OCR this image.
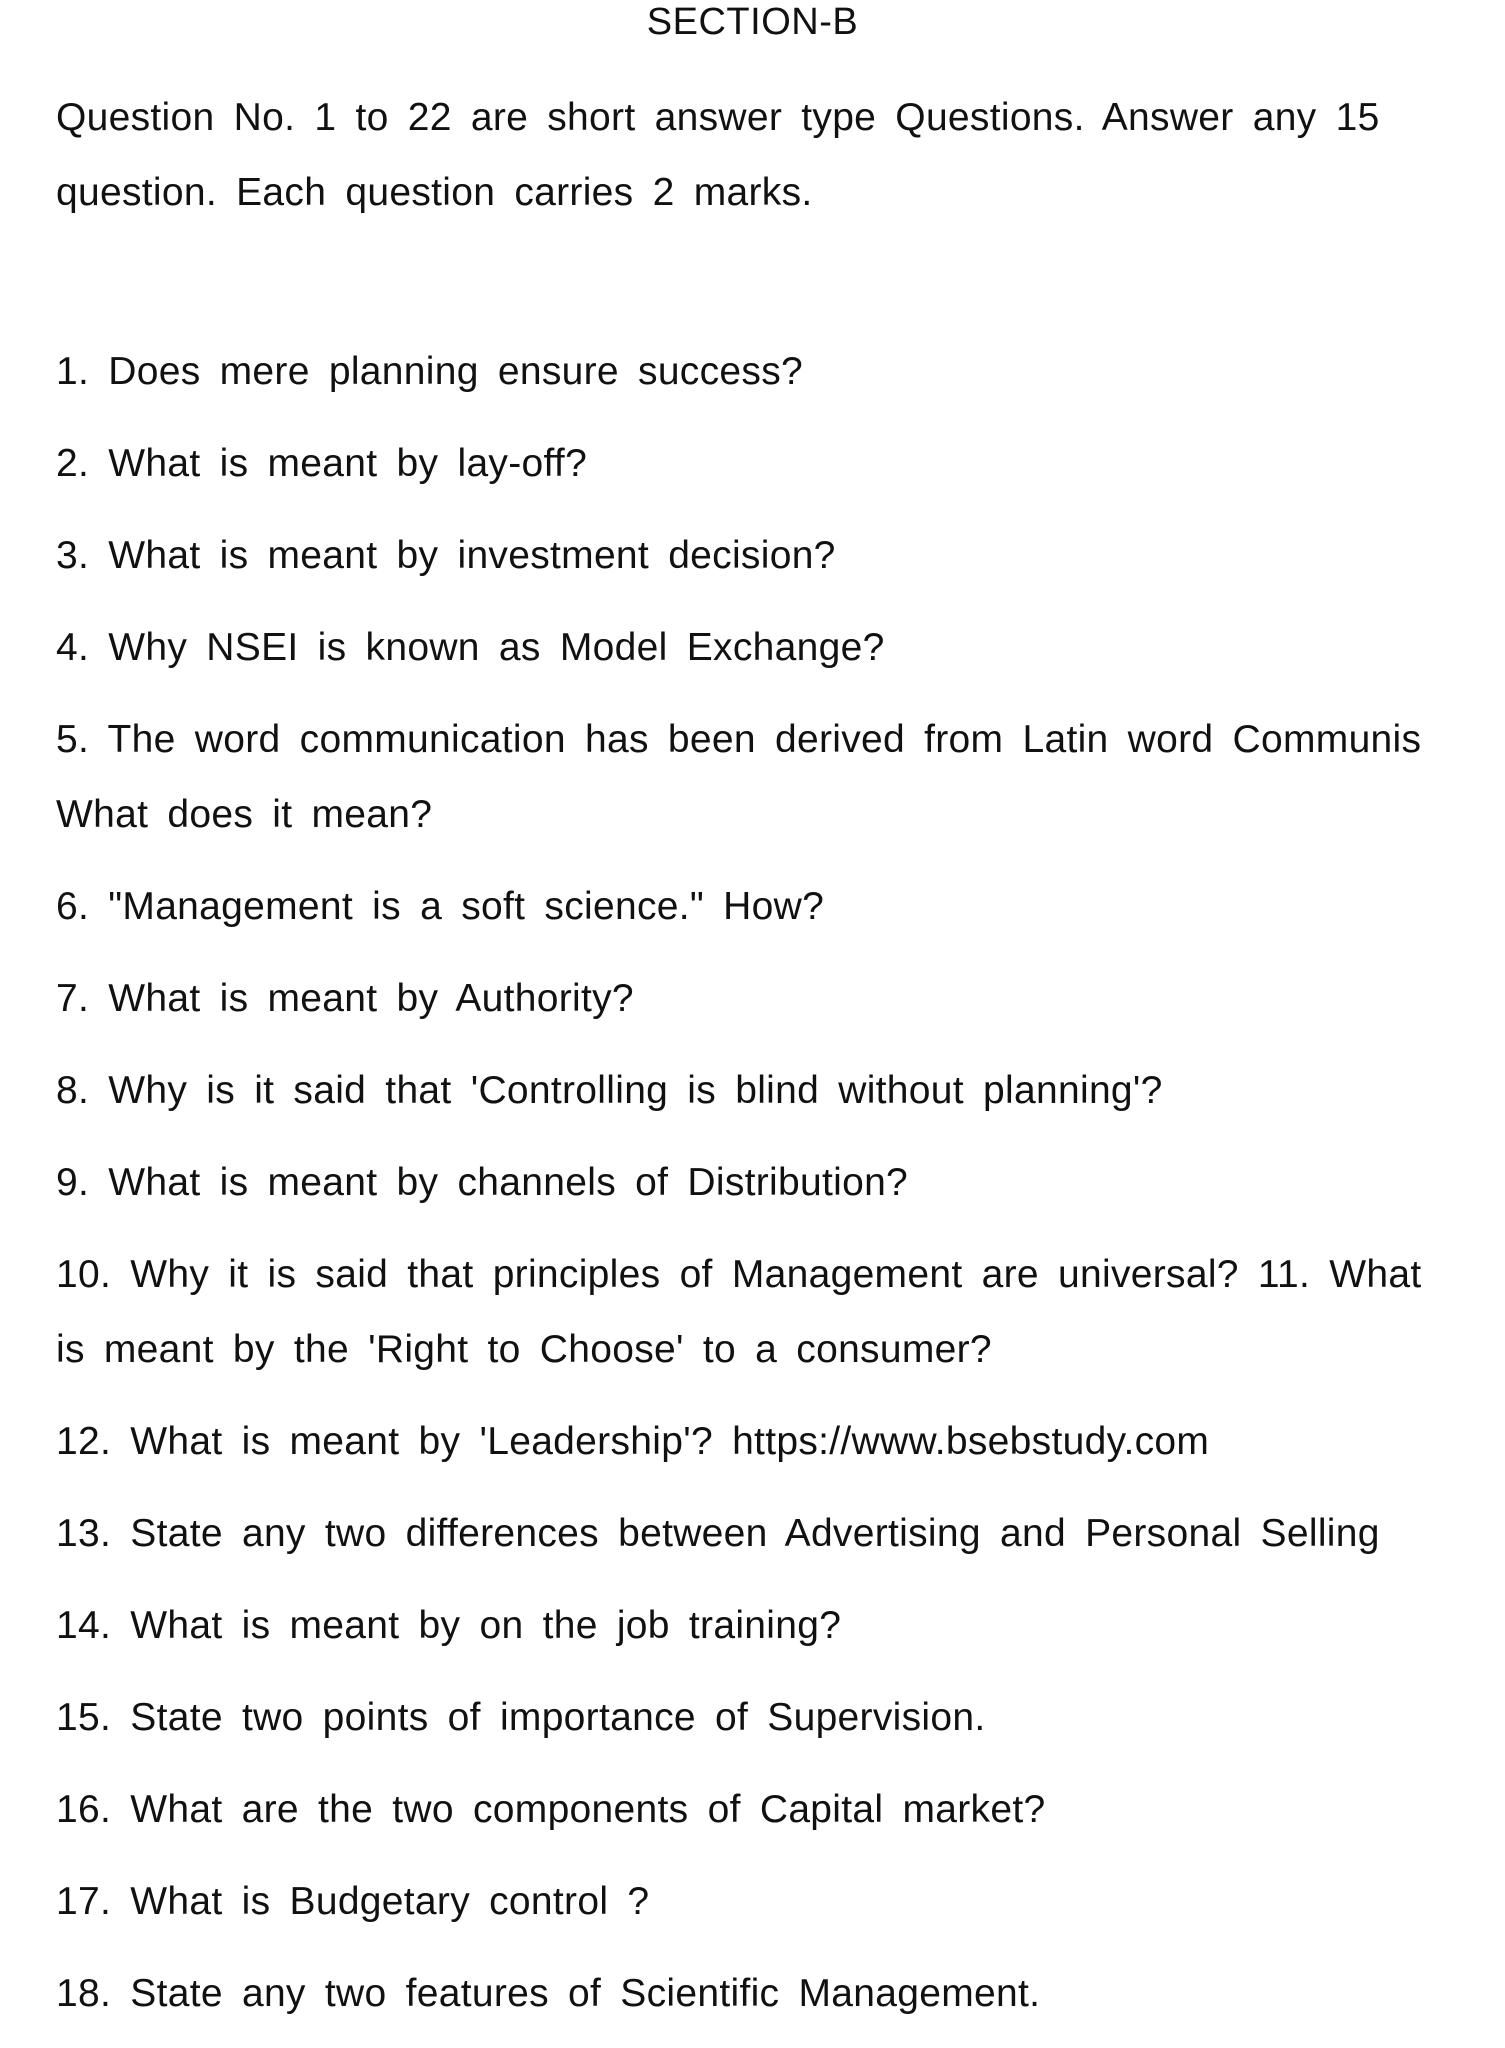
SECTION-B
Question No. 1 to 22 are short answer type Questions. Answer any 15 question. Each question carries 2 marks.
1. Does mere planning ensure success?
2. What is meant by lay-off?
3. What is meant by investment decision?
4. Why NSEI is known as Model Exchange?
5. The word communication has been derived from Latin word Communis What does it mean?
6. "Management is a soft science." How?
7. What is meant by Authority?
8. Why is it said that 'Controlling is blind without planning'?
9. What is meant by channels of Distribution?
10. Why it is said that principles of Management are universal? 11. What is meant by the 'Right to Choose' to a consumer?
12. What is meant by 'Leadership'? https://www.bsebstudy.com
13. State any two differences between Advertising and Personal Selling
14. What is meant by on the job training?
15. State two points of importance of Supervision.
16. What are the two components of Capital market?
17. What is Budgetary control ?
18. State any two features of Scientific Management.
